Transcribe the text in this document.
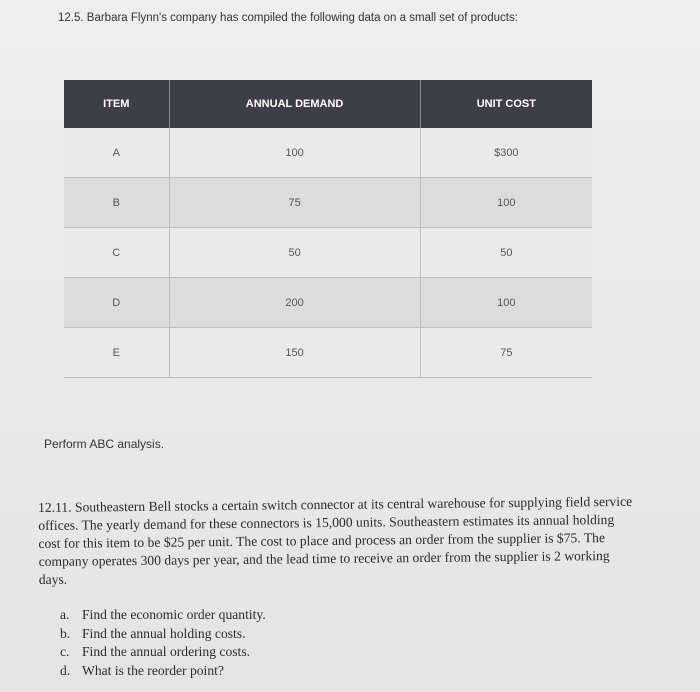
12.5. Barbara Flynn's company has compiled the following data on a small set of products:
ITEM	ANNUAL DEMAND	UNIT COST
A	100	$300
B	75	100
C	50	50
D	200	100
E	150	75
Perform ABC analysis.
12.11. Southeastern Bell stocks a certain switch connector at its central warehouse for supplying field service offices. The yearly demand for these connectors is 15,000 units. Southeastern estimates its annual holding cost for this item to be $25 per unit. The cost to place and process an order from the supplier is $75. The company operates 300 days per year, and the lead time to receive an order from the supplier is 2 working days.
a. Find the economic order quantity.
b. Find the annual holding costs.
c. Find the annual ordering costs.
d. What is the reorder point?
